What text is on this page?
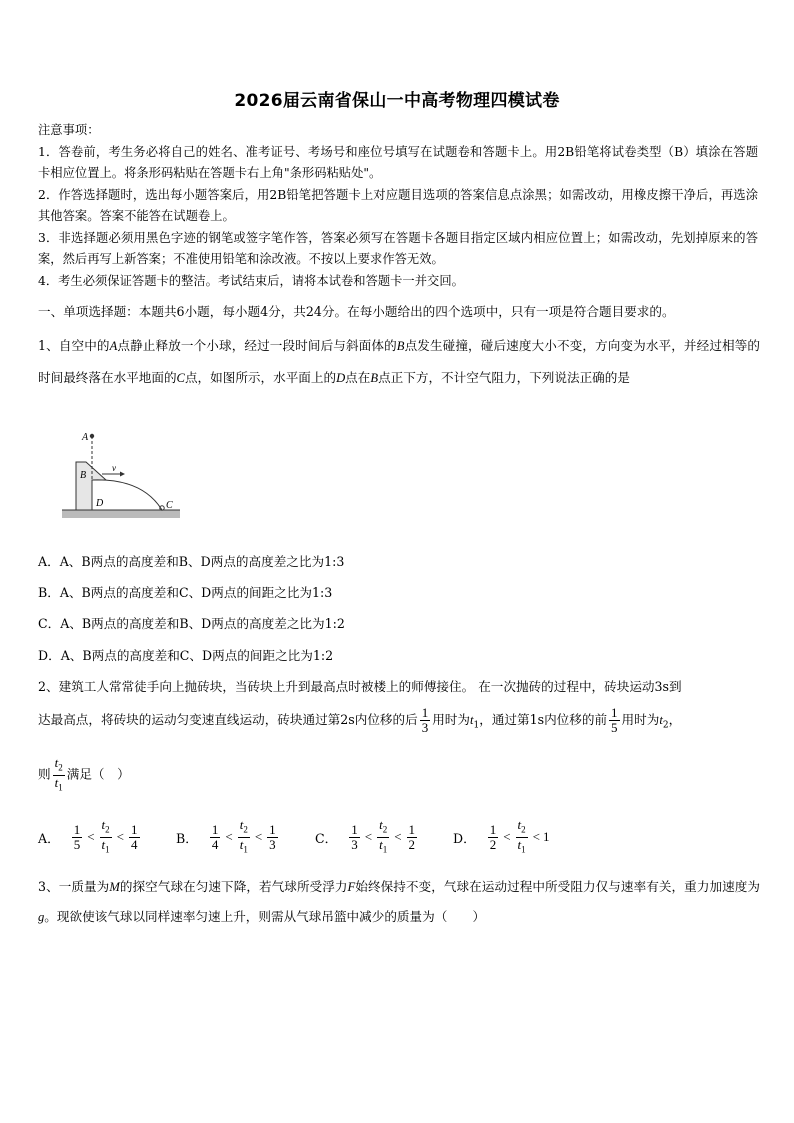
2026届云南省保山一中高考物理四模试卷

注意事项：

1．答卷前，考生务必将自己的姓名、准考证号、考场号和座位号填写在试题卷和答题卡上。用2B铅笔将试卷类型（B）填涂在答题卡相应位置上。将条形码粘贴在答题卡右上角"条形码粘贴处"。

2．作答选择题时，选出每小题答案后，用2B铅笔把答题卡上对应题目选项的答案信息点涂黑；如需改动，用橡皮擦干净后，再选涂其他答案。答案不能答在试题卷上。

3．非选择题必须用黑色字迹的钢笔或签字笔作答，答案必须写在答题卡各题目指定区域内相应位置上；如需改动，先划掉原来的答案，然后再写上新答案；不准使用铅笔和涂改液。不按以上要求作答无效。

4．考生必须保证答题卡的整洁。考试结束后，请将本试卷和答题卡一并交回。

一、单项选择题：本题共6小题，每小题4分，共24分。在每小题给出的四个选项中，只有一项是符合题目要求的。

1、自空中的A点静止释放一个小球，经过一段时间后与斜面体的B点发生碰撞，碰后速度大小不变，方向变为水平，并经过相等的时间最终落在水平地面的C点，如图所示，水平面上的D点在B点正下方，不计空气阻力，下列说法正确的是

A
B
C
D
v
A．A、B两点的高度差和B、D两点的高度差之比为1:3
B．A、B两点的高度差和C、D两点的间距之比为1:3
C．A、B两点的高度差和B、D两点的高度差之比为1:2
D．A、B两点的高度差和C、D两点的间距之比为1:2

2、建筑工人常常徒手向上抛砖块，当砖块上升到最高点时被楼上的师傅接住。 在一次抛砖的过程中，砖块运动3s到

达最高点，将砖块的运动匀变速直线运动，砖块通过第2s内位移的后 $\frac{1}{3}$ 用时为$t_1$，通过第1s内位移的前 $\frac{1}{5}$ 用时为$t_2$，

则 $\frac{t_2}{t_1}$ 满足（　）

A． $\frac{1}{5} < \frac{t_2}{t_1} < \frac{1}{4}$	B． $\frac{1}{4} < \frac{t_2}{t_1} < \frac{1}{3}$	C． $\frac{1}{3} < \frac{t_2}{t_1} < \frac{1}{2}$	D． $\frac{1}{2} < \frac{t_2}{t_1} < 1$

3、一质量为M的探空气球在匀速下降，若气球所受浮力F始终保持不变，气球在运动过程中所受阻力仅与速率有关，重力加速度为g。现欲使该气球以同样速率匀速上升，则需从气球吊篮中减少的质量为（　　）
